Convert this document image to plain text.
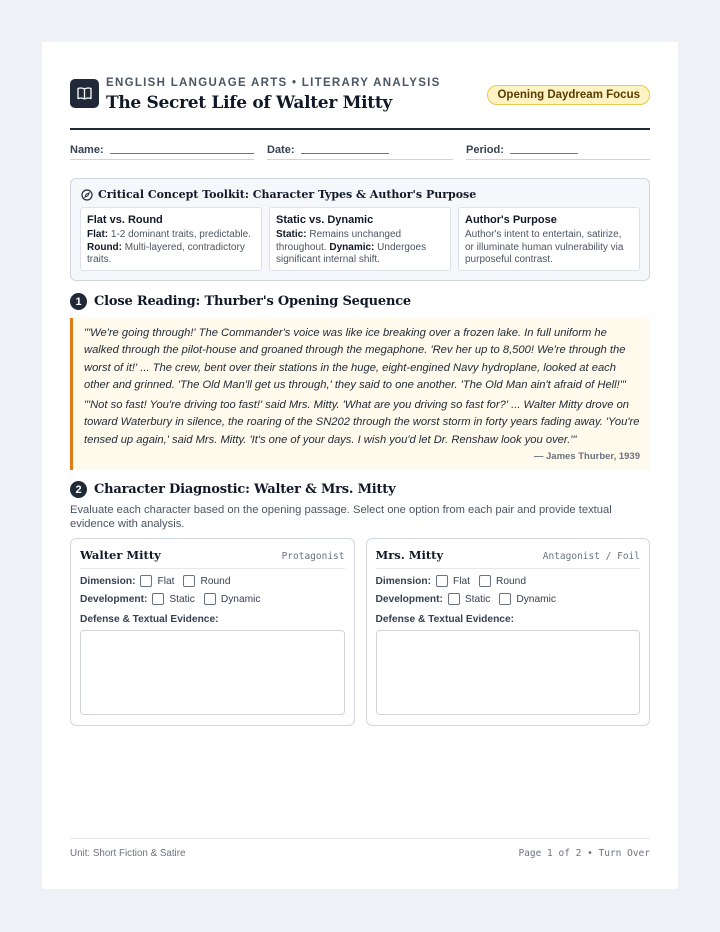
ENGLISH LANGUAGE ARTS • LITERARY ANALYSIS
The Secret Life of Walter Mitty	Opening Daydream Focus
Name:	Date:	Period:
Critical Concept Toolkit: Character Types & Author's Purpose
Flat vs. Round

Flat: 1-2 dominant traits, predictable. Round: Multi-layered, contradictory traits.

Static vs. Dynamic

Static: Remains unchanged throughout. Dynamic: Undergoes significant internal shift.

Author's Purpose

Author's intent to entertain, satirize, or illuminate human vulnerability via purposeful contrast.

1 Close Reading: Thurber's Opening Sequence

"'We're going through!' The Commander's voice was like ice breaking over a frozen lake. In full uniform he walked through the pilot-house and groaned through the megaphone. 'Rev her up to 8,500! We're through the worst of it!' ... The crew, bent over their stations in the huge, eight-engined Navy hydroplane, looked at each other and grinned. 'The Old Man'll get us through,' they said to one another. 'The Old Man ain't afraid of Hell!'"

"'Not so fast! You're driving too fast!' said Mrs. Mitty. 'What are you driving so fast for?' ... Walter Mitty drove on toward Waterbury in silence, the roaring of the SN202 through the worst storm in forty years fading away. 'You're tensed up again,' said Mrs. Mitty. 'It's one of your days. I wish you'd let Dr. Renshaw look you over.'"

— James Thurber, 1939
2 Character Diagnostic: Walter & Mrs. Mitty
Evaluate each character based on the opening passage. Select one option from each pair and provide textual evidence with analysis.
Walter Mitty	Protagonist
Dimension: Flat	Round
Development: Static	Dynamic
Defense & Textual Evidence:
Mrs. Mitty	Antagonist / Foil
Dimension: Flat	Round
Development: Static	Dynamic
Defense & Textual Evidence:
Unit: Short Fiction & Satire	Page 1 of 2 • Turn Over
